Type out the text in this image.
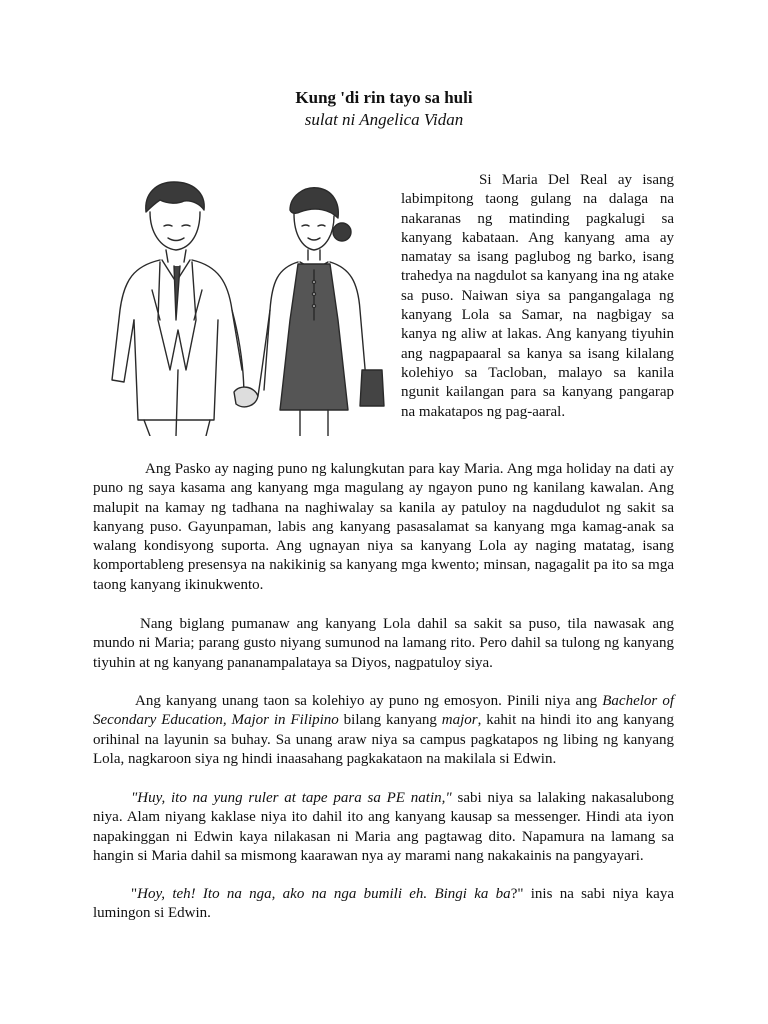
Kung 'di rin tayo sa huli
sulat ni Angelica Vidan

Si Maria Del Real ay isang labimpitong taong gulang na dalaga na nakaranas ng matinding pagkalugi sa kanyang kabataan. Ang kanyang ama ay namatay sa isang paglubog ng barko, isang trahedya na nagdulot sa kanyang ina ng atake sa puso. Naiwan siya sa pangangalaga ng kanyang Lola sa Samar, na nagbigay sa kanya ng aliw at lakas. Ang kanyang tiyuhin ang nagpapaaral sa kanya sa isang kilalang kolehiyo sa Tacloban, malayo sa kanila ngunit kailangan para sa kanyang pangarap na makatapos ng pag-aaral.

Ang Pasko ay naging puno ng kalungkutan para kay Maria. Ang mga holiday na dati ay puno ng saya kasama ang kanyang mga magulang ay ngayon puno ng kanilang kawalan. Ang malupit na kamay ng tadhana na naghiwalay sa kanila ay patuloy na nagdudulot ng sakit sa kanyang puso. Gayunpaman, labis ang kanyang pasasalamat sa kanyang mga kamag-anak sa walang kondisyong suporta. Ang ugnayan niya sa kanyang Lola ay naging matatag, isang komportableng presensya na nakikinig sa kanyang mga kwento; minsan, nagagalit pa ito sa mga taong kanyang ikinukwento.

Nang biglang pumanaw ang kanyang Lola dahil sa sakit sa puso, tila nawasak ang mundo ni Maria; parang gusto niyang sumunod na lamang rito. Pero dahil sa tulong ng kanyang tiyuhin at ng kanyang pananampalataya sa Diyos, nagpatuloy siya.

Ang kanyang unang taon sa kolehiyo ay puno ng emosyon. Pinili niya ang Bachelor of Secondary Education, Major in Filipino bilang kanyang major, kahit na hindi ito ang kanyang orihinal na layunin sa buhay. Sa unang araw niya sa campus pagkatapos ng libing ng kanyang Lola, nagkaroon siya ng hindi inaasahang pagkakataon na makilala si Edwin.

"Huy, ito na yung ruler at tape para sa PE natin," sabi niya sa lalaking nakasalubong niya. Alam niyang kaklase niya ito dahil ito ang kanyang kausap sa messenger. Hindi ata iyon napakinggan ni Edwin kaya nilakasan ni Maria ang pagtawag dito. Napamura na lamang sa hangin si Maria dahil sa mismong kaarawan nya ay marami nang nakakainis na pangyayari.

"Hoy, teh! Ito na nga, ako na nga bumili eh. Bingi ka ba?" inis na sabi niya kaya lumingon si Edwin.
